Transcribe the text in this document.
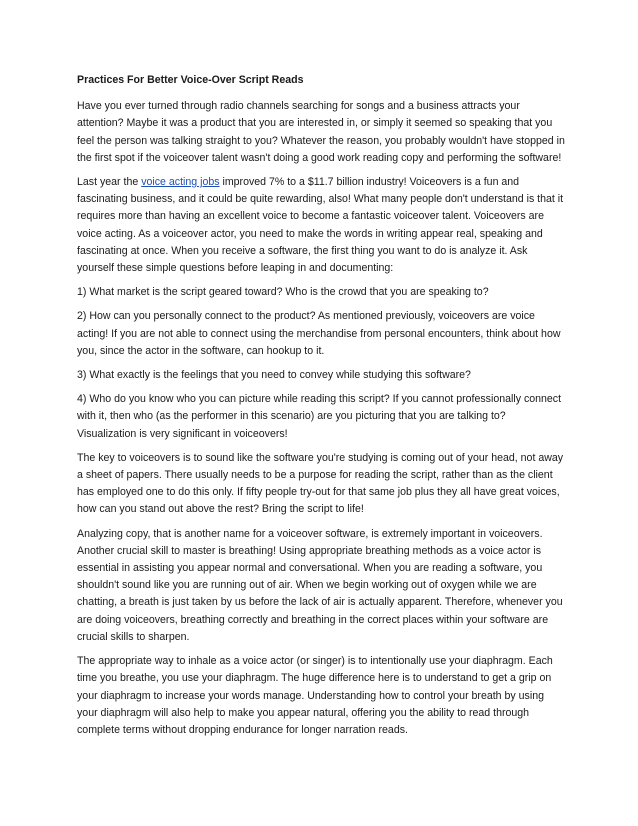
Practices For Better Voice-Over Script Reads

Have you ever turned through radio channels searching for songs and a business attracts your attention? Maybe it was a product that you are interested in, or simply it seemed so speaking that you feel the person was talking straight to you? Whatever the reason, you probably wouldn't have stopped in the first spot if the voiceover talent wasn't doing a good work reading copy and performing the software!

Last year the voice acting jobs improved 7% to a $11.7 billion industry! Voiceovers is a fun and fascinating business, and it could be quite rewarding, also! What many people don't understand is that it requires more than having an excellent voice to become a fantastic voiceover talent. Voiceovers are voice acting. As a voiceover actor, you need to make the words in writing appear real, speaking and fascinating at once. When you receive a software, the first thing you want to do is analyze it. Ask yourself these simple questions before leaping in and documenting:

1) What market is the script geared toward? Who is the crowd that you are speaking to?

2) How can you personally connect to the product? As mentioned previously, voiceovers are voice acting! If you are not able to connect using the merchandise from personal encounters, think about how you, since the actor in the software, can hookup to it.

3) What exactly is the feelings that you need to convey while studying this software?

4) Who do you know who you can picture while reading this script? If you cannot professionally connect with it, then who (as the performer in this scenario) are you picturing that you are talking to? Visualization is very significant in voiceovers!

The key to voiceovers is to sound like the software you're studying is coming out of your head, not away a sheet of papers. There usually needs to be a purpose for reading the script, rather than as the client has employed one to do this only. If fifty people try-out for that same job plus they all have great voices, how can you stand out above the rest? Bring the script to life!

Analyzing copy, that is another name for a voiceover software, is extremely important in voiceovers. Another crucial skill to master is breathing! Using appropriate breathing methods as a voice actor is essential in assisting you appear normal and conversational. When you are reading a software, you shouldn't sound like you are running out of air. When we begin working out of oxygen while we are chatting, a breath is just taken by us before the lack of air is actually apparent. Therefore, whenever you are doing voiceovers, breathing correctly and breathing in the correct places within your software are crucial skills to sharpen.

The appropriate way to inhale as a voice actor (or singer) is to intentionally use your diaphragm. Each time you breathe, you use your diaphragm. The huge difference here is to understand to get a grip on your diaphragm to increase your words manage. Understanding how to control your breath by using your diaphragm will also help to make you appear natural, offering you the ability to read through complete terms without dropping endurance for longer narration reads.
